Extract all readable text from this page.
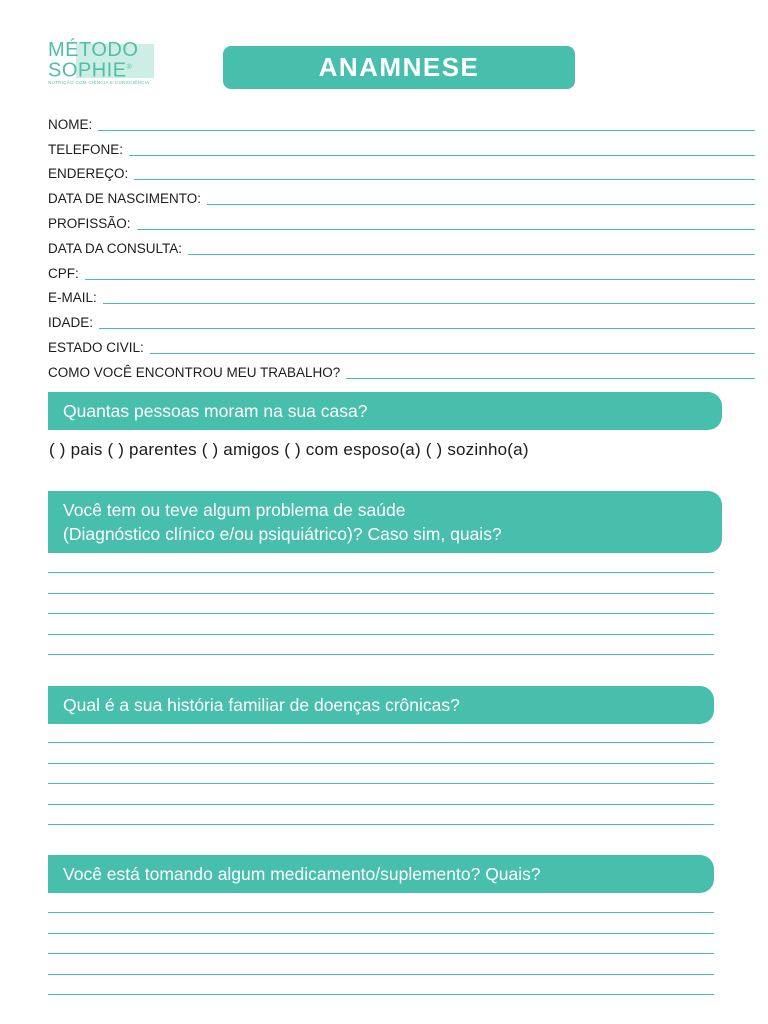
MÉTODO
SOPHIE®
NUTRIÇÃO COM CIÊNCIA E CONSCIÊNCIA
ANAMNESE
NOME:
TELEFONE:
ENDEREÇO:
DATA DE NASCIMENTO:
PROFISSÃO:
DATA DA CONSULTA:
CPF:
E-MAIL:
IDADE:
ESTADO CIVIL:
COMO VOCÊ ENCONTROU MEU TRABALHO?
Quantas pessoas moram na sua casa?
( ) pais ( ) parentes ( ) amigos ( ) com esposo(a) ( ) sozinho(a)
Você tem ou teve algum problema de saúde
(Diagnóstico clínico e/ou psiquiátrico)? Caso sim, quais?
Qual é a sua história familiar de doenças crônicas?
Você está tomando algum medicamento/suplemento? Quais?
